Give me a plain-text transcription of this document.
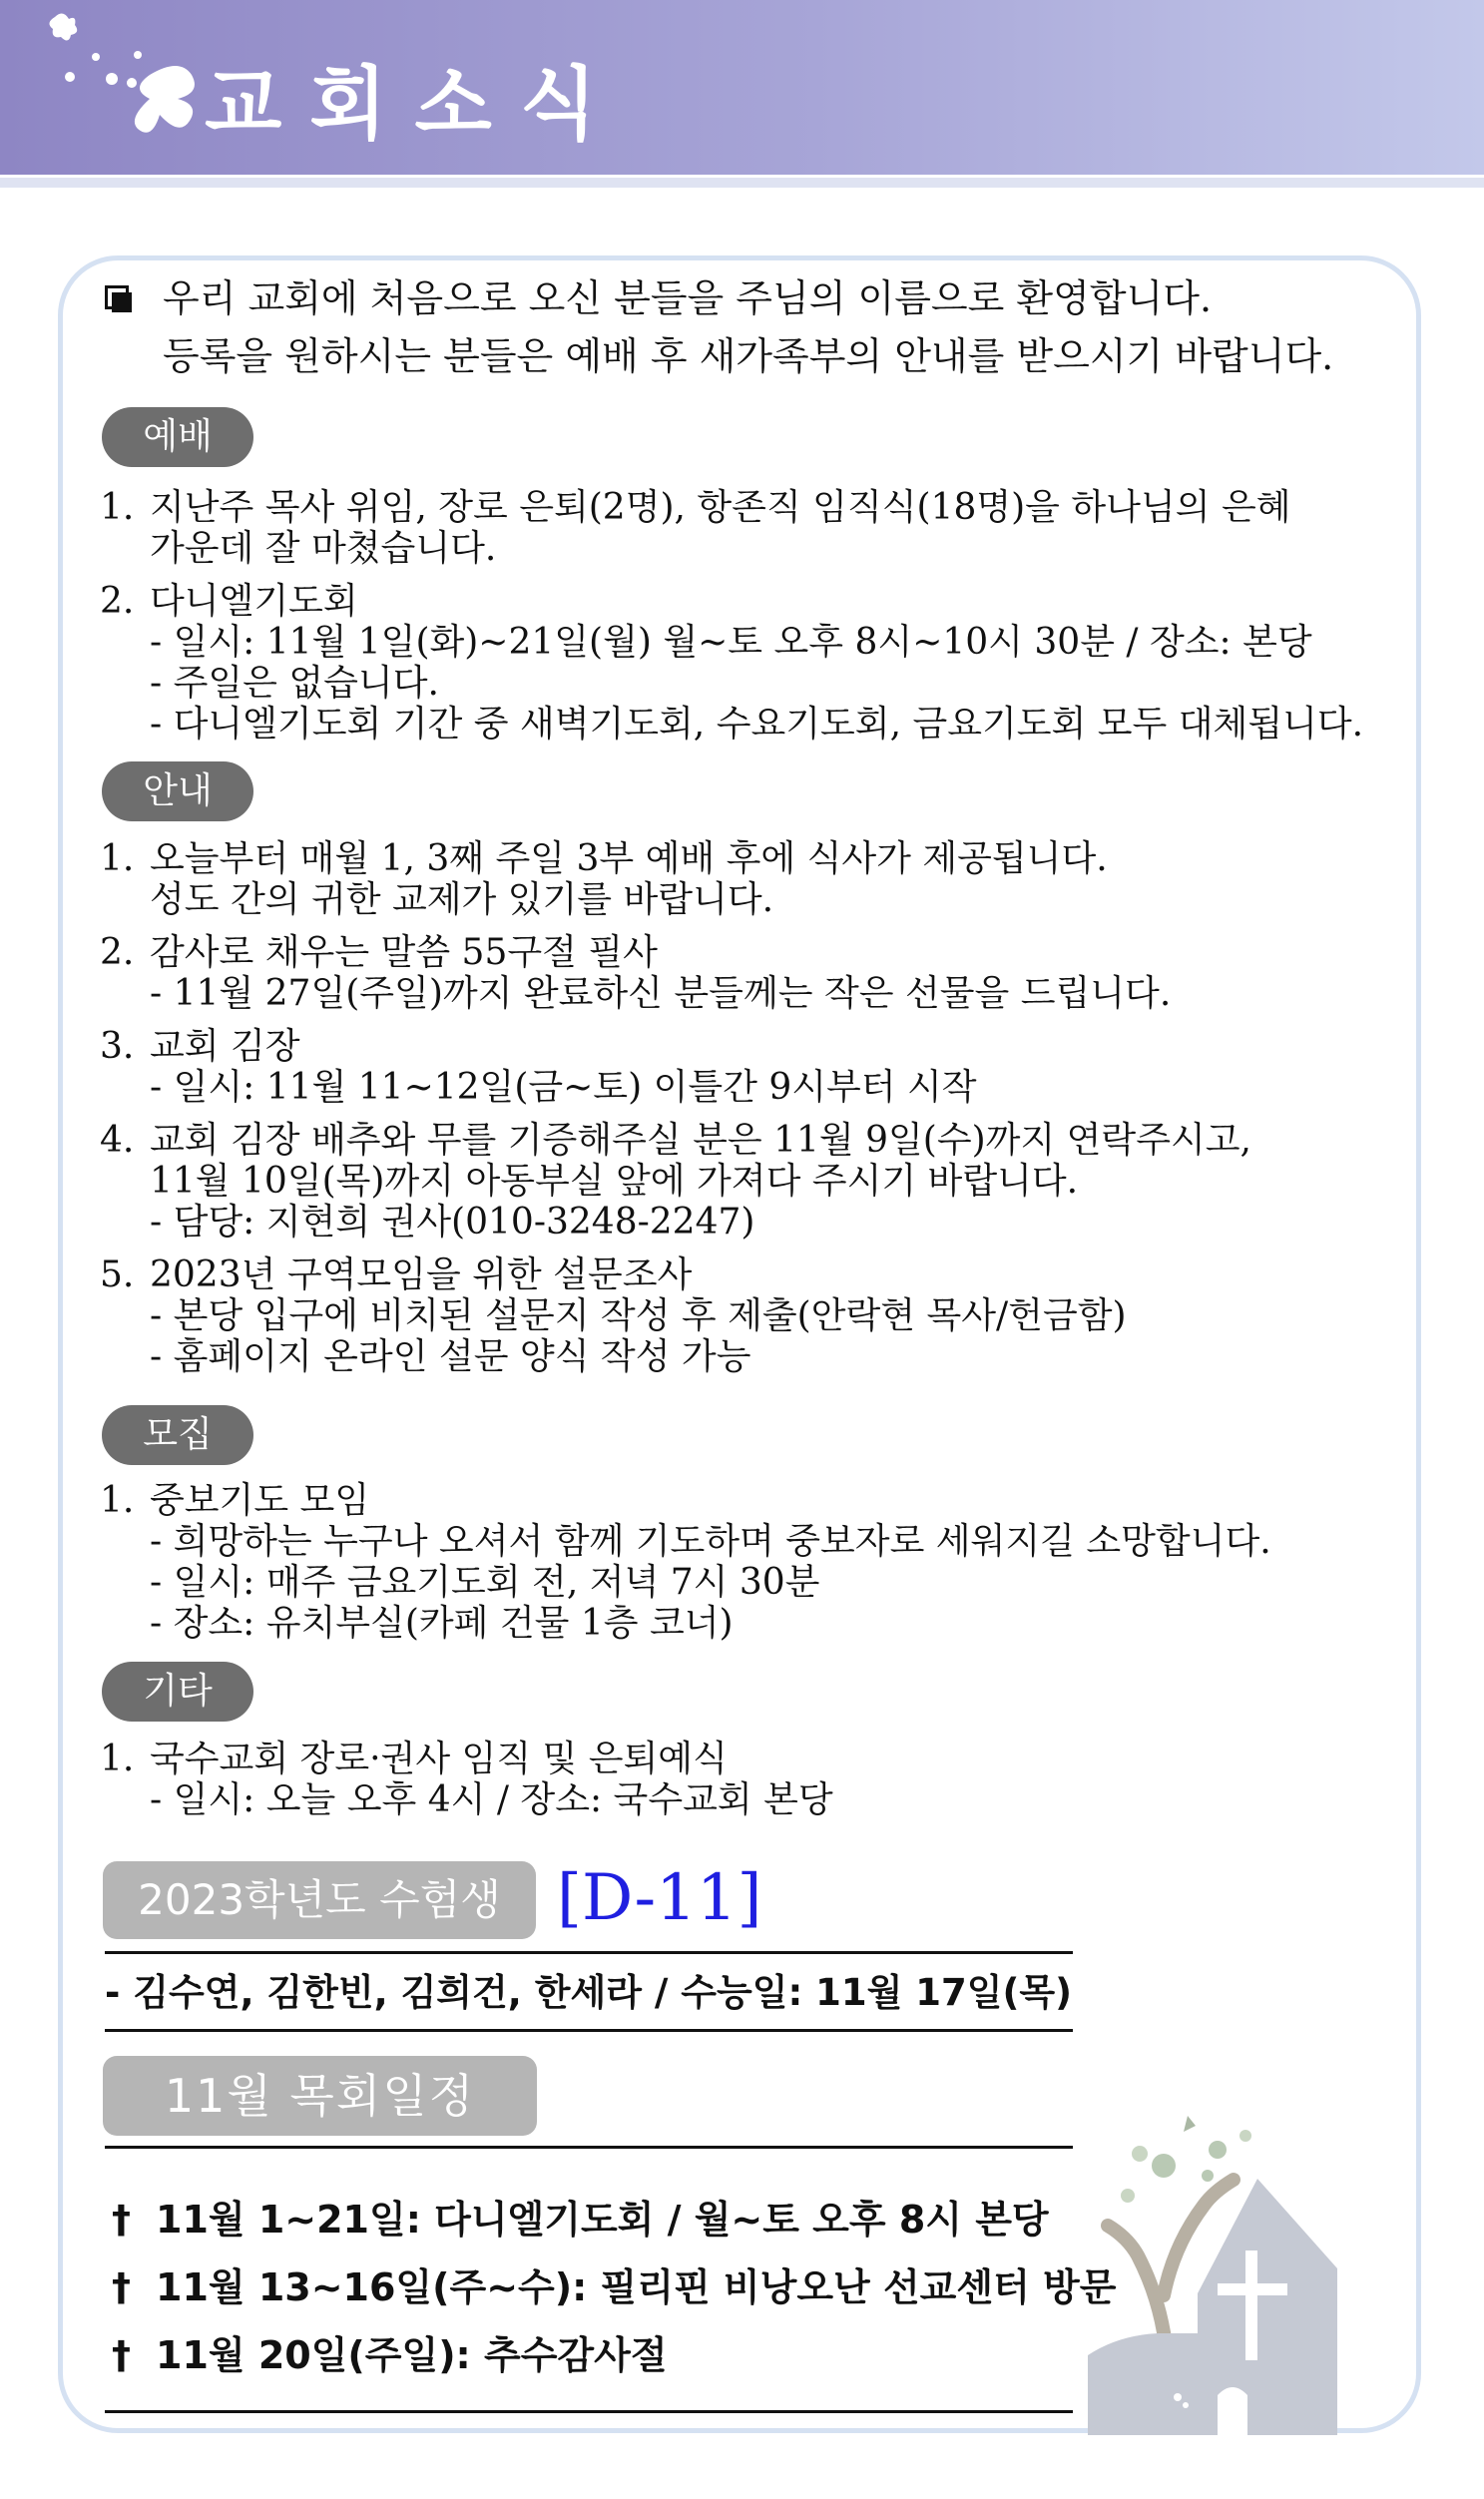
교회소식
우리 교회에 처음으로 오신 분들을 주님의 이름으로 환영합니다.
등록을 원하시는 분들은 예배 후 새가족부의 안내를 받으시기 바랍니다.
예배
1. 지난주 목사 위임, 장로 은퇴(2명), 항존직 임직식(18명)을 하나님의 은혜
가운데 잘 마쳤습니다.
2. 다니엘기도회
- 일시: 11월 1일(화)~21일(월) 월~토 오후 8시~10시 30분 / 장소: 본당
- 주일은 없습니다.
- 다니엘기도회 기간 중 새벽기도회, 수요기도회, 금요기도회 모두 대체됩니다.
안내
1. 오늘부터 매월 1, 3째 주일 3부 예배 후에 식사가 제공됩니다.
성도 간의 귀한 교제가 있기를 바랍니다.
2. 감사로 채우는 말씀 55구절 필사
- 11월 27일(주일)까지 완료하신 분들께는 작은 선물을 드립니다.
3. 교회 김장
- 일시: 11월 11~12일(금~토) 이틀간 9시부터 시작
4. 교회 김장 배추와 무를 기증해주실 분은 11월 9일(수)까지 연락주시고,
11월 10일(목)까지 아동부실 앞에 가져다 주시기 바랍니다.
- 담당: 지현희 권사(010-3248-2247)
5. 2023년 구역모임을 위한 설문조사
- 본당 입구에 비치된 설문지 작성 후 제출(안락현 목사/헌금함)
- 홈페이지 온라인 설문 양식 작성 가능
모집
1. 중보기도 모임
- 희망하는 누구나 오셔서 함께 기도하며 중보자로 세워지길 소망합니다.
- 일시: 매주 금요기도회 전, 저녁 7시 30분
- 장소: 유치부실(카페 건물 1층 코너)
기타
1. 국수교회 장로·권사 임직 및 은퇴예식
- 일시: 오늘 오후 4시 / 장소: 국수교회 본당
2023학년도 수험생 [D-11]
- 김수연, 김한빈, 김희건, 한세라 / 수능일: 11월 17일(목)
11월 목회일정
† 11월 1~21일: 다니엘기도회 / 월~토 오후 8시 본당
† 11월 13~16일(주~수): 필리핀 비낭오난 선교센터 방문
† 11월 20일(주일): 추수감사절
